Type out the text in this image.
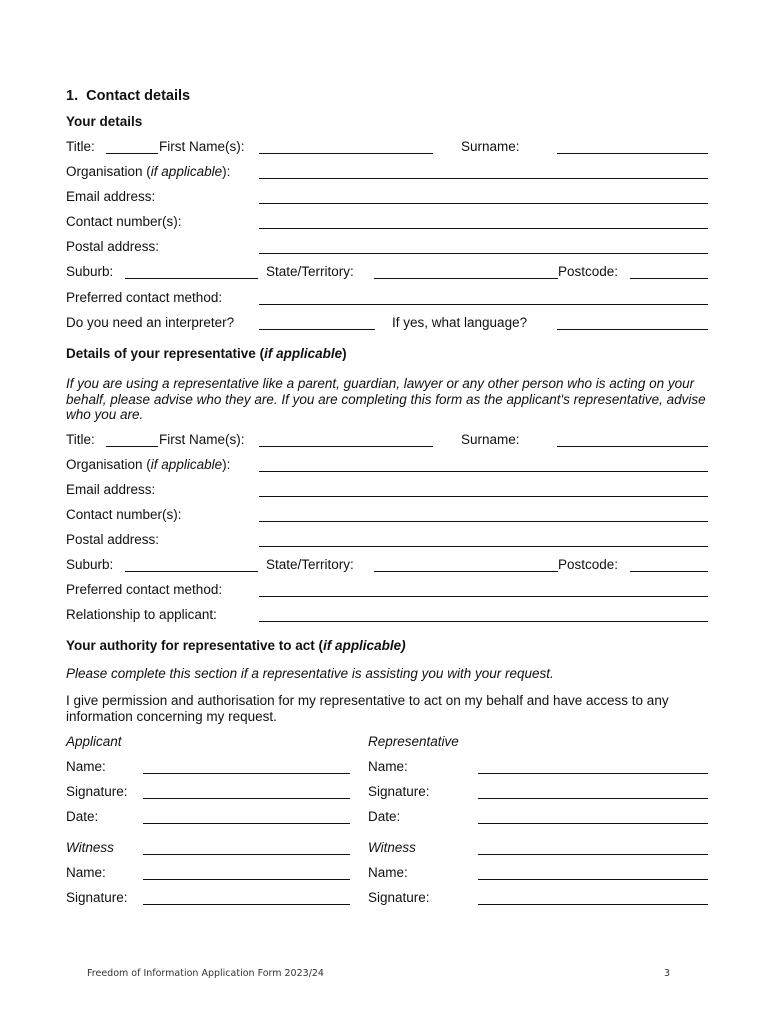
1. Contact details
Your details
Title:	First Name(s):	Surname:
Organisation (if applicable):
Email address:
Contact number(s):
Postal address:
Suburb:	State/Territory:	Postcode:
Preferred contact method:
Do you need an interpreter?	If yes, what language?
Details of your representative (if applicable)
If you are using a representative like a parent, guardian, lawyer or any other person who is acting on your behalf, please advise who they are. If you are completing this form as the applicant's representative, advise who you are.
Title:	First Name(s):	Surname:
Organisation (if applicable):
Email address:
Contact number(s):
Postal address:
Suburb:	State/Territory:	Postcode:
Preferred contact method:
Relationship to applicant:
Your authority for representative to act (if applicable)
Please complete this section if a representative is assisting you with your request.
I give permission and authorisation for my representative to act on my behalf and have access to any information concerning my request.
Applicant	Representative
Name:	Name:
Signature:	Signature:
Date:	Date:
Witness	Witness
Name:	Name:
Signature:	Signature:
Freedom of Information Application Form 2023/24	3
